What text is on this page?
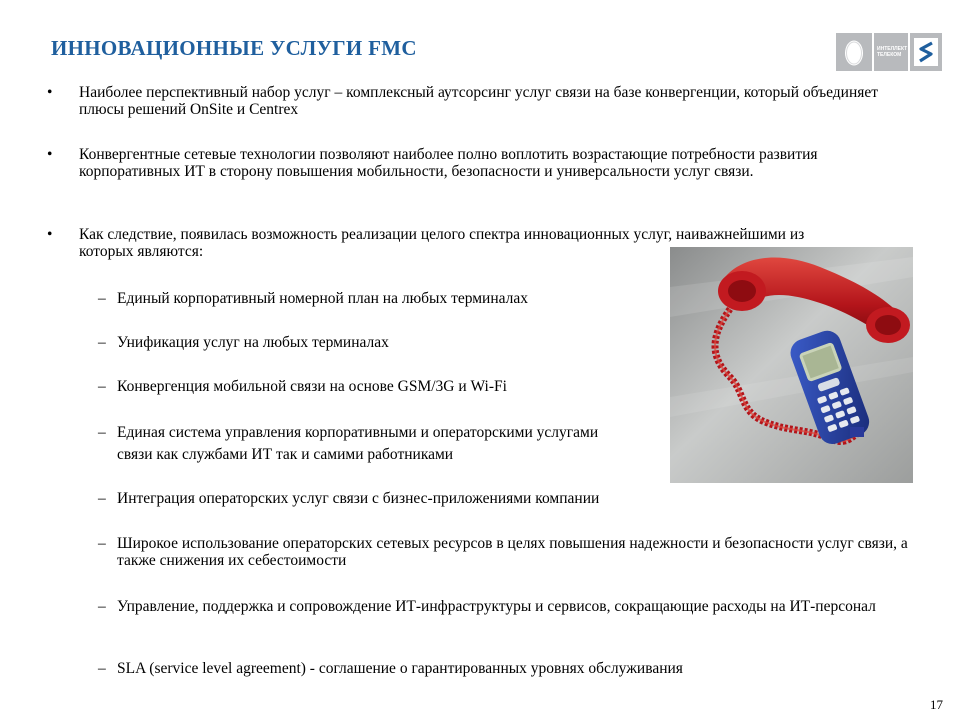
ИННОВАЦИОННЫЕ УСЛУГИ FMC	ИНТЕЛЛЕКТ
ТЕЛЕКОМ
• Наиболее перспективный набор услуг – комплексный аутсорсинг услуг связи на базе конвергенции, который объединяет плюсы решений OnSite и Centrex
• Конвергентные сетевые технологии позволяют наиболее полно воплотить возрастающие потребности развития корпоративных ИТ в сторону повышения мобильности, безопасности и универсальности услуг связи.
• Как следствие, появилась возможность реализации целого спектра инновационных услуг, наиважнейшими из которых являются:
– Единый корпоративный номерной план на любых терминалах
– Унификация услуг на любых терминалах
– Конвергенция мобильной связи на основе GSM/3G и Wi-Fi
– Единая система управления корпоративными и операторскими услугами связи как службами ИТ так и самими работниками
– Интеграция операторских услуг связи с бизнес-приложениями компании
– Широкое использование операторских сетевых ресурсов в целях повышения надежности и безопасности услуг связи, а также снижения их себестоимости
– Управление, поддержка и сопровождение ИТ-инфраструктуры и сервисов, сокращающие расходы на ИТ-персонал
– SLA (service level agreement) - соглашение о гарантированных уровнях обслуживания
17
